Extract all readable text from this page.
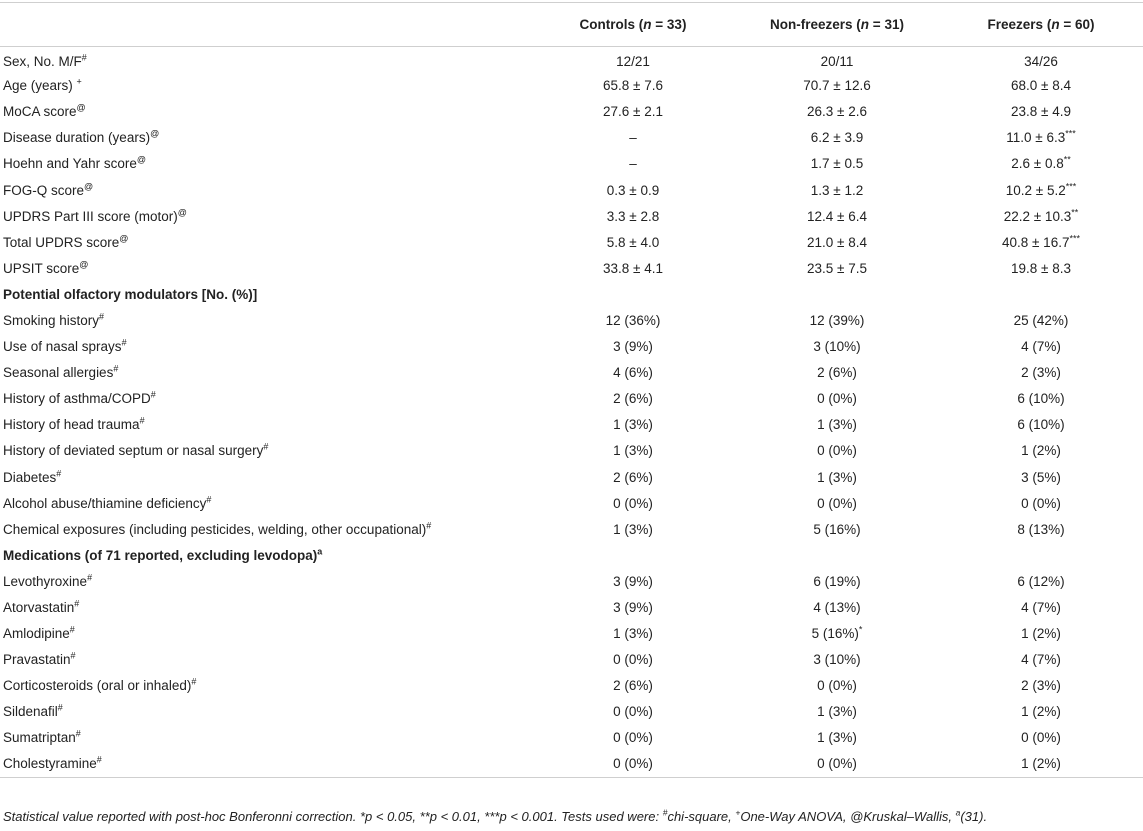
	Controls (n = 33)	Non-freezers (n = 31)	Freezers (n = 60)
Sex, No. M/F#	12/21	20/11	34/26
Age (years) +	65.8 ± 7.6	70.7 ± 12.6	68.0 ± 8.4
MoCA score@	27.6 ± 2.1	26.3 ± 2.6	23.8 ± 4.9
Disease duration (years)@	–	6.2 ± 3.9	11.0 ± 6.3***
Hoehn and Yahr score@	–	1.7 ± 0.5	2.6 ± 0.8**
FOG-Q score@	0.3 ± 0.9	1.3 ± 1.2	10.2 ± 5.2***
UPDRS Part III score (motor)@	3.3 ± 2.8	12.4 ± 6.4	22.2 ± 10.3**
Total UPDRS score@	5.8 ± 4.0	21.0 ± 8.4	40.8 ± 16.7***
UPSIT score@	33.8 ± 4.1	23.5 ± 7.5	19.8 ± 8.3
Potential olfactory modulators [No. (%)]			
Smoking history#	12 (36%)	12 (39%)	25 (42%)
Use of nasal sprays#	3 (9%)	3 (10%)	4 (7%)
Seasonal allergies#	4 (6%)	2 (6%)	2 (3%)
History of asthma/COPD#	2 (6%)	0 (0%)	6 (10%)
History of head trauma#	1 (3%)	1 (3%)	6 (10%)
History of deviated septum or nasal surgery#	1 (3%)	0 (0%)	1 (2%)
Diabetes#	2 (6%)	1 (3%)	3 (5%)
Alcohol abuse/thiamine deficiency#	0 (0%)	0 (0%)	0 (0%)
Chemical exposures (including pesticides, welding, other occupational)#	1 (3%)	5 (16%)	8 (13%)
Medications (of 71 reported, excluding levodopa)$^a$
Levothyroxine#	3 (9%)	6 (19%)	6 (12%)
Atorvastatin#	3 (9%)	4 (13%)	4 (7%)
Amlodipine#	1 (3%)	5 (16%)*	1 (2%)
Pravastatin#	0 (0%)	3 (10%)	4 (7%)
Corticosteroids (oral or inhaled)#	2 (6%)	0 (0%)	2 (3%)
Sildenafil#	0 (0%)	1 (3%)	1 (2%)
Sumatriptan#	0 (0%)	1 (3%)	0 (0%)
Cholestyramine#	0 (0%)	0 (0%)	1 (2%)
Statistical value reported with post-hoc Bonferonni correction. *p < 0.05, **p < 0.01, ***p < 0.001. Tests used were: #chi-square, +One-Way ANOVA, @Kruskal–Wallis, $^a$(31).
